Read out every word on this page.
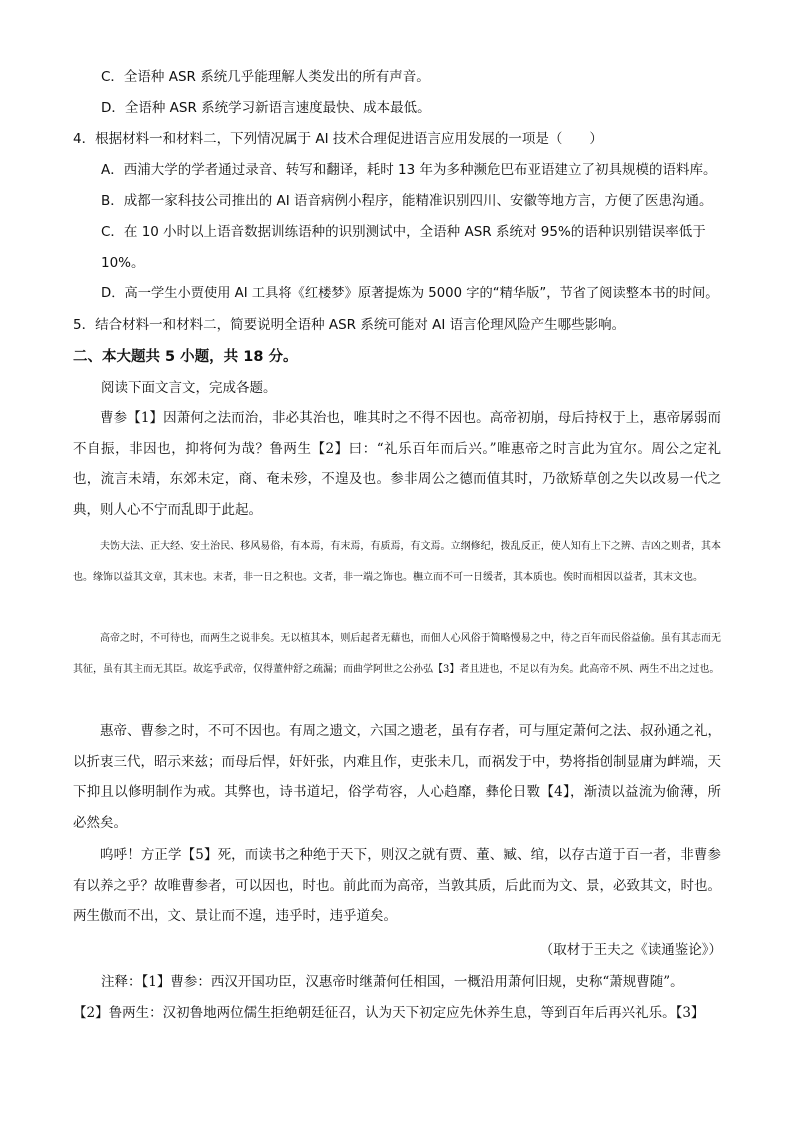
C．全语种 ASR 系统几乎能理解人类发出的所有声音。
D．全语种 ASR 系统学习新语言速度最快、成本最低。
4．根据材料一和材料二，下列情况属于 AI 技术合理促进语言应用发展的一项是（　　）
A．西浦大学的学者通过录音、转写和翻译，耗时 13 年为多种濒危巴布亚语建立了初具规模的语料库。
B．成都一家科技公司推出的 AI 语音病例小程序，能精准识别四川、安徽等地方言，方便了医患沟通。
C．在 10 小时以上语音数据训练语种的识别测试中，全语种 ASR 系统对 95%的语种识别错误率低于
10%。
D．高一学生小贾使用 AI 工具将《红楼梦》原著提炼为 5000 字的“精华版”，节省了阅读整本书的时间。
5．结合材料一和材料二，简要说明全语种 ASR 系统可能对 AI 语言伦理风险产生哪些影响。
二、本大题共 5 小题，共 18 分。
阅读下面文言文，完成各题。
曹参【1】因萧何之法而治，非必其治也，唯其时之不得不因也。高帝初崩，母后持权于上，惠帝孱弱而不自振，非因也，抑将何为哉？鲁两生【2】曰：“礼乐百年而后兴。”唯惠帝之时言此为宜尔。周公之定礼也，流言未靖，东郊未定，商、奄未殄，不遑及也。参非周公之德而值其时，乃欲矫草创之失以改易一代之典，则人心不宁而乱即于此起。
夫饬大法、正大经、安土治民、移风易俗，有本焉，有末焉，有质焉，有文焉。立纲修纪，拨乱反正，使人知有上下之辨、吉凶之则者，其本也。缘饰以益其文章，其末也。末者，非一日之积也。文者，非一端之饰也。橅立而不可一日缓者，其本质也。俟时而相因以益者，其末文也。
高帝之时，不可待也，而两生之说非矣。无以植其本，则后起者无藉也，而佃人心风俗于简略慢易之中，待之百年而民俗益偷。虽有其志而无其征，虽有其主而无其臣。故迄乎武帝，仅得董仲舒之疏漏；而曲学阿世之公孙弘【3】者且进也，不足以有为矣。此高帝不夙、两生不出之过也。
惠帝、曹参之时，不可不因也。有周之遗文，六国之遗老，虽有存者，可与厘定萧何之法、叔孙通之礼，以折衷三代，昭示来兹；而母后悍，奸奸张，内难且作，吏张未几，而祸发于中，势将指创制显庸为衅端，天下抑且以修明制作为戒。其弊也，诗书道圮，俗学苟容，人心趋靡，彝伦日斁【4】，渐渍以益流为偷薄，所必然矣。
呜呼！方正学【5】死，而读书之种绝于天下，则汉之就有贾、董、臧、绾，以存古道于百一者，非曹参有以养之乎？故唯曹参者，可以因也，时也。前此而为高帝，当敦其质，后此而为文、景，必致其文，时也。两生傲而不出，文、景让而不遑，违乎时，违乎道矣。
（取材于王夫之《读通鉴论》）
注释：【1】曹参：西汉开国功臣，汉惠帝时继萧何任相国，一概沿用萧何旧规，史称“萧规曹随”。
【2】鲁两生：汉初鲁地两位儒生拒绝朝廷征召，认为天下初定应先休养生息，等到百年后再兴礼乐。【3】
